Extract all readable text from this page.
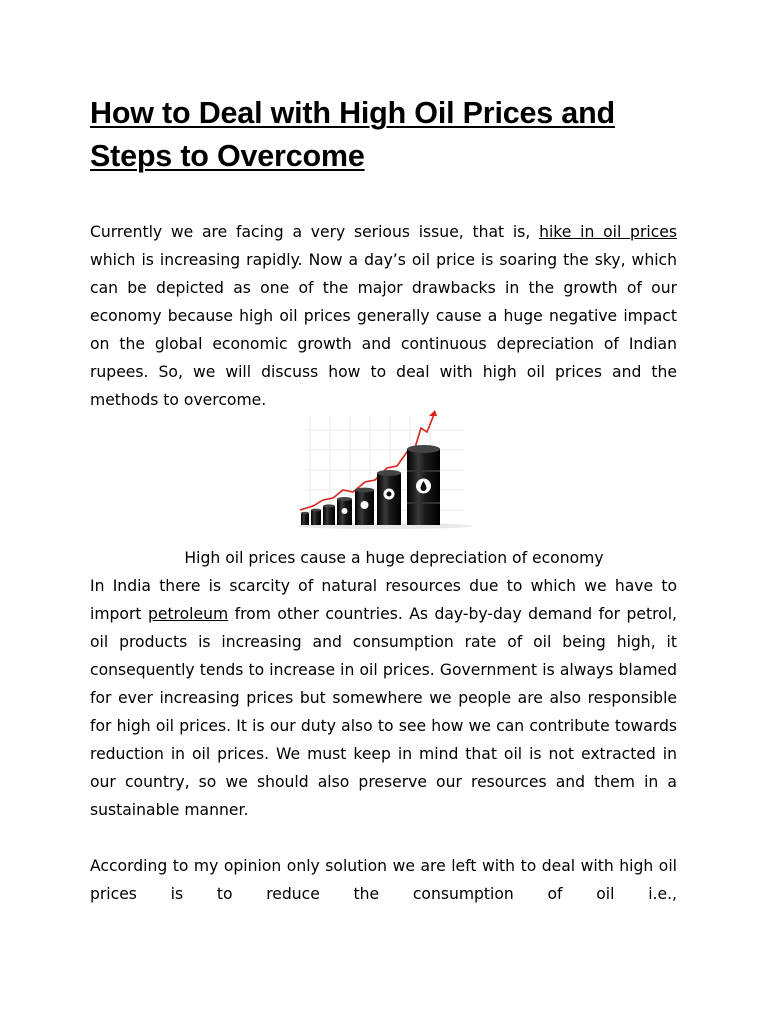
How to Deal with High Oil Prices and Steps to Overcome

Currently we are facing a very serious issue, that is, hike in oil prices which is increasing rapidly. Now a day’s oil price is soaring the sky, which can be depicted as one of the major drawbacks in the growth of our economy because high oil prices generally cause a huge negative impact on the global economic growth and continuous depreciation of Indian rupees. So, we will discuss how to deal with high oil prices and the methods to overcome.

High oil prices cause a huge depreciation of economy

In India there is scarcity of natural resources due to which we have to import petroleum from other countries. As day-by-day demand for petrol, oil products is increasing and consumption rate of oil being high, it consequently tends to increase in oil prices. Government is always blamed for ever increasing prices but somewhere we people are also responsible for high oil prices. It is our duty also to see how we can contribute towards reduction in oil prices. We must keep in mind that oil is not extracted in our country, so we should also preserve our resources and them in a sustainable manner.

According to my opinion only solution we are left with to deal with high oil prices is to reduce the consumption of oil i.e.,
